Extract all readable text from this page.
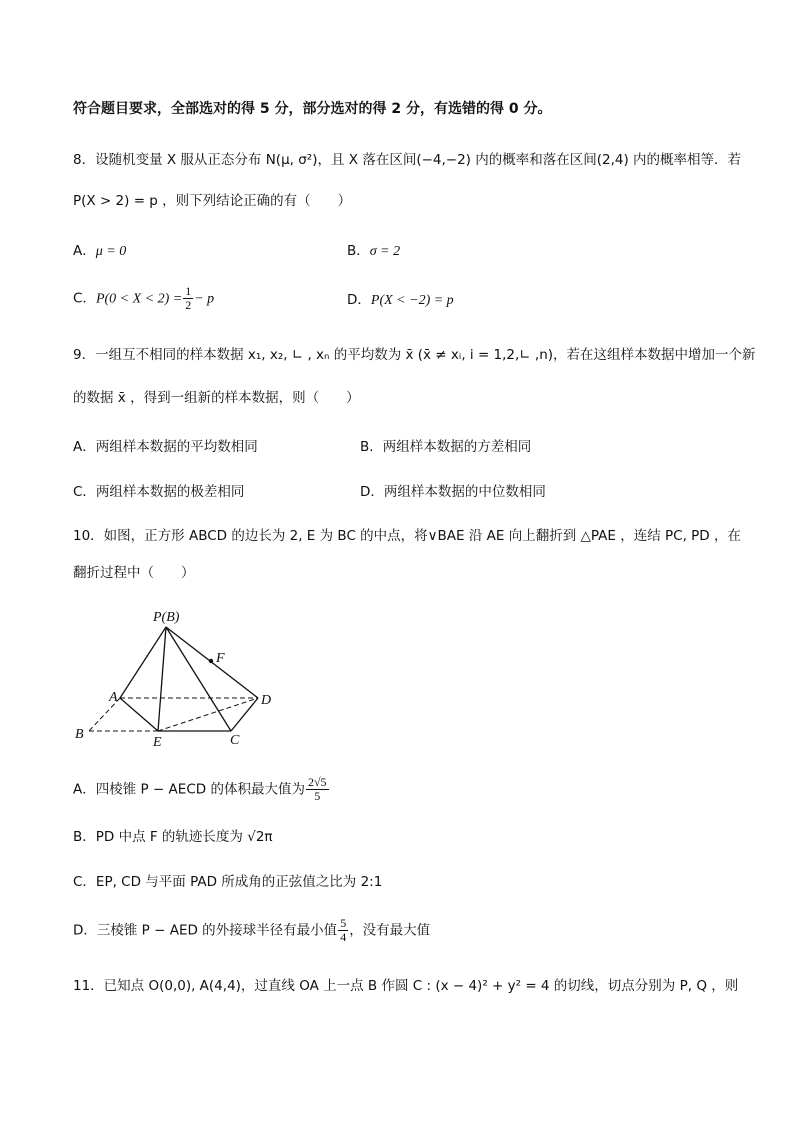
符合题目要求，全部选对的得 5 分，部分选对的得 2 分，有选错的得 0 分。
8．设随机变量 X 服从正态分布 N(μ, σ²)，且 X 落在区间(−4,−2) 内的概率和落在区间(2,4) 内的概率相等．若
P(X > 2) = p ，则下列结论正确的有（　　）
A．μ = 0	B．σ = 2
C．$P(0 < X < 2) = \frac{1}{2} - p$	D．P(X < −2) = p
9．一组互不相同的样本数据 x₁, x₂, ∟ , xₙ 的平均数为 x̄ (x̄ ≠ xᵢ, i = 1,2,∟ ,n)，若在这组样本数据中增加一个新
的数据 x̄ ，得到一组新的样本数据，则（　　）
A．两组样本数据的平均数相同	B．两组样本数据的方差相同
C．两组样本数据的极差相同	D．两组样本数据的中位数相同
10．如图，正方形 ABCD 的边长为 2, E 为 BC 的中点，将∨BAE 沿 AE 向上翻折到 △PAE ，连结 PC, PD ，在
翻折过程中（　　）
P(B)
F
A	D
B
E	C
A．四棱锥 P − AECD 的体积最大值为 $\frac{2√5}{5}$
B．PD 中点 F 的轨迹长度为 √2π
C．EP, CD 与平面 PAD 所成角的正弦值之比为 2:1
D．三棱锥 P − AED 的外接球半径有最小值 $\frac{5}{4}$ ，没有最大值
11．已知点 O(0,0), A(4,4)，过直线 OA 上一点 B 作圆 C : (x − 4)² + y² = 4 的切线，切点分别为 P, Q ，则
